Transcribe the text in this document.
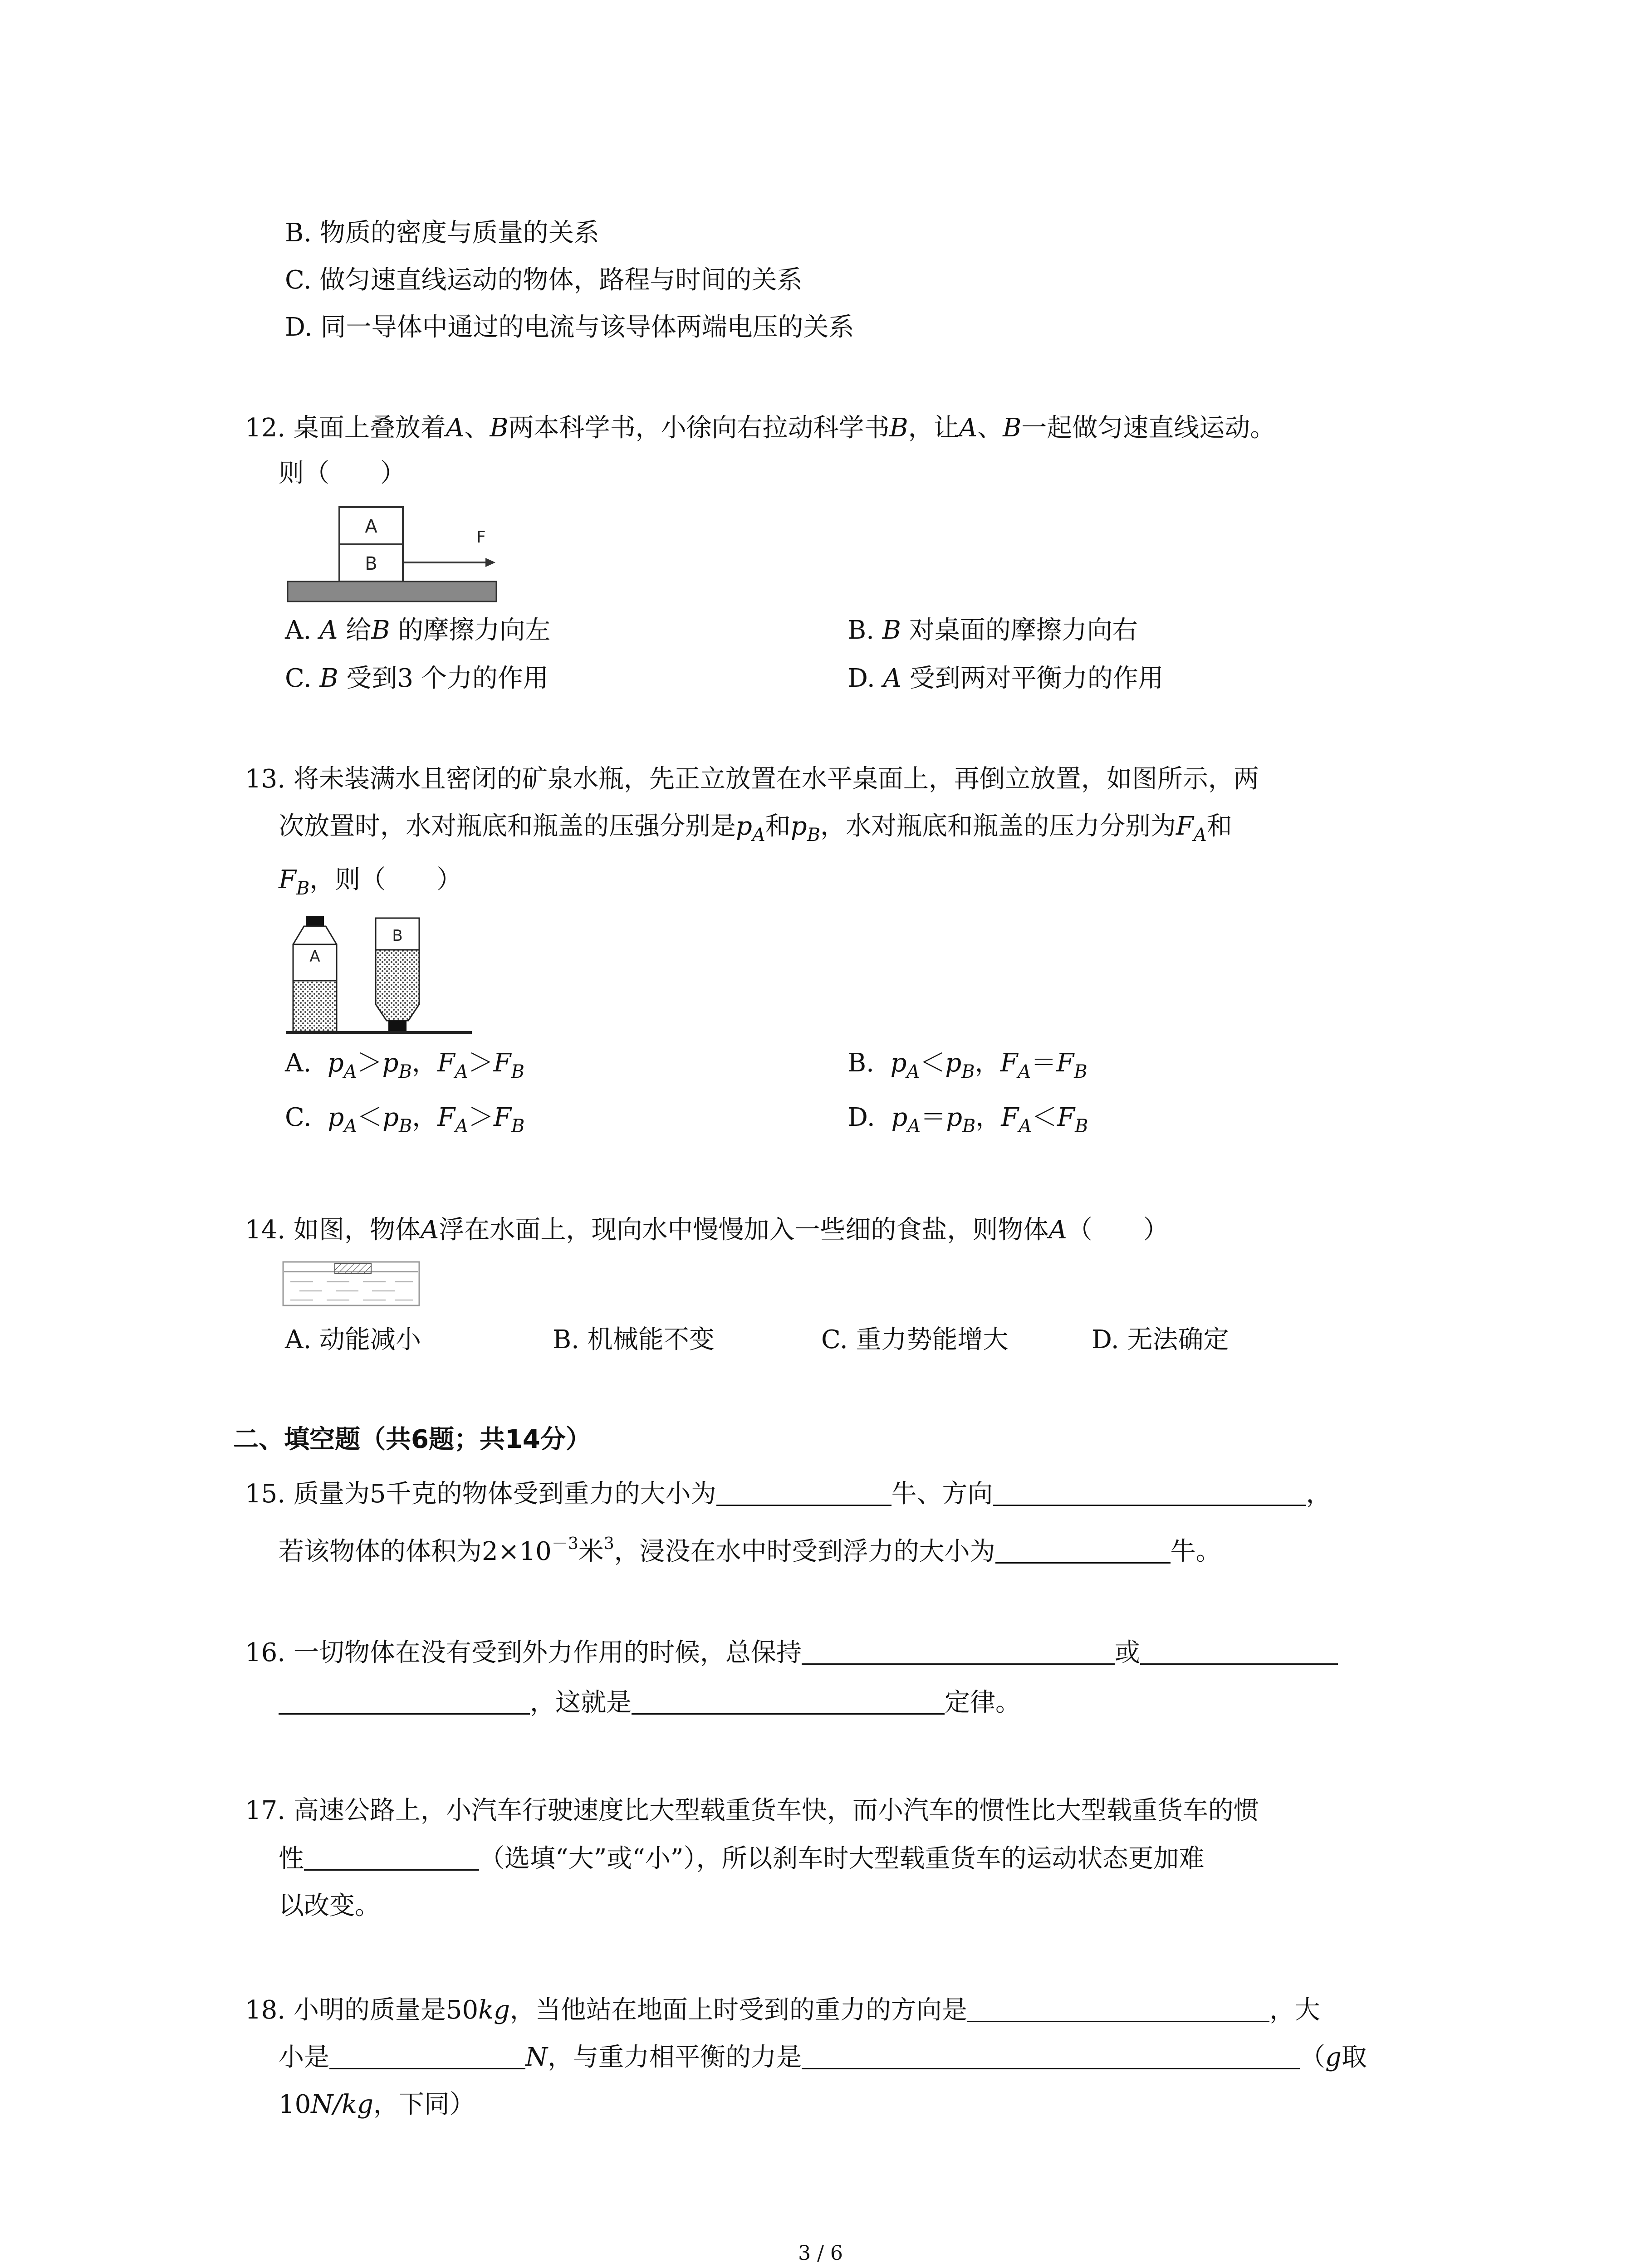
B. 物质的密度与质量的关系
C. 做匀速直线运动的物体，路程与时间的关系
D. 同一导体中通过的电流与该导体两端电压的关系
12. 桌面上叠放着A、B两本科学书，小徐向右拉动科学书B，让A、B一起做匀速直线运动。
则（　　）
A
B
F
A. A 给B 的摩擦力向左	B. B 对桌面的摩擦力向右
C. B 受到3 个力的作用	D. A 受到两对平衡力的作用
13. 将未装满水且密闭的矿泉水瓶，先正立放置在水平桌面上，再倒立放置，如图所示，两
次放置时，水对瓶底和瓶盖的压强分别是$p_A$和$p_B$，水对瓶底和瓶盖的压力分别为$F_A$和
$F_B$，则（　　）
A
B
A. $p_A>p_B$，$F_A>F_B$	B. $p_A<p_B$，$F_A=F_B$
C. $p_A<p_B$，$F_A>F_B$	D. $p_A=p_B$，$F_A<F_B$
14. 如图，物体A浮在水面上，现向水中慢慢加入一些细的食盐，则物体A（　　）
A. 动能减小	B. 机械能不变	C. 重力势能增大	D. 无法确定
二、填空题（共6题；共14分）
15. 质量为5千克的物体受到重力的大小为	牛、方向	，
若该物体的体积为$2\times 10^{-3}$米$^3$，浸没在水中时受到浮力的大小为	牛。
16. 一切物体在没有受到外力作用的时候，总保持	或
，这就是	定律。
17. 高速公路上，小汽车行驶速度比大型载重货车快，而小汽车的惯性比大型载重货车的惯
性	（选填“大”或“小”），所以刹车时大型载重货车的运动状态更加难
以改变。
18. 小明的质量是50kg，当他站在地面上时受到的重力的方向是	，大
小是	N，与重力相平衡的力是	（g取
10N/kg，下同）
3 / 6
